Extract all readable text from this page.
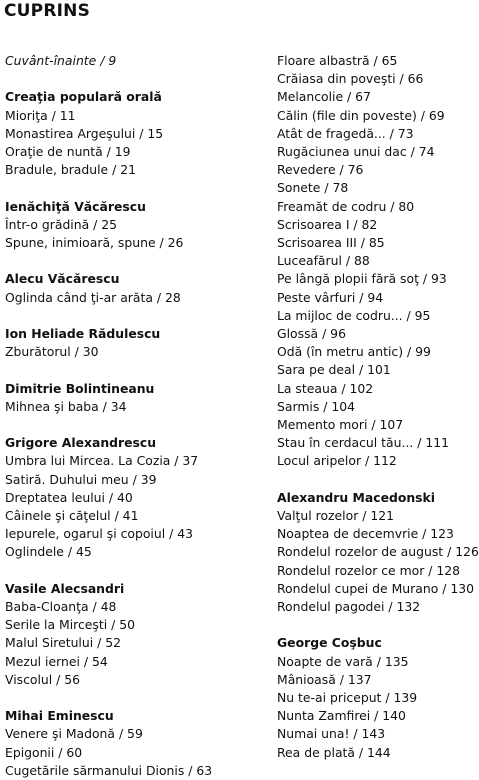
CUPRINS
Cuvânt-înainte / 9
Creaţia populară orală
Mioriţa / 11
Monastirea Argeşului / 15
Oraţie de nuntă / 19
Bradule, bradule / 21
Ienăchiţă Văcărescu
Într-o grădină / 25
Spune, inimioară, spune / 26
Alecu Văcărescu
Oglinda când ţi-ar arăta / 28
Ion Heliade Rădulescu
Zburătorul / 30
Dimitrie Bolintineanu
Mihnea şi baba / 34
Grigore Alexandrescu
Umbra lui Mircea. La Cozia / 37
Satiră. Duhului meu / 39
Dreptatea leului / 40
Câinele şi căţelul / 41
Iepurele, ogarul şi copoiul / 43
Oglindele / 45
Vasile Alecsandri
Baba-Cloanţa / 48
Serile la Mirceşti / 50
Malul Siretului / 52
Mezul iernei / 54
Viscolul / 56
Mihai Eminescu
Venere şi Madonă / 59
Epigonii / 60
Cugetările sărmanului Dionis / 63
Floare albastră / 65
Crăiasa din poveşti / 66
Melancolie / 67
Călin (file din poveste) / 69
Atât de fragedă... / 73
Rugăciunea unui dac / 74
Revedere / 76
Sonete / 78
Freamăt de codru / 80
Scrisoarea I / 82
Scrisoarea III / 85
Luceafărul / 88
Pe lângă plopii fără soţ / 93
Peste vârfuri / 94
La mijloc de codru... / 95
Glossă / 96
Odă (în metru antic) / 99
Sara pe deal / 101
La steaua / 102
Sarmis / 104
Memento mori / 107
Stau în cerdacul tău... / 111
Locul aripelor / 112
Alexandru Macedonski
Valţul rozelor / 121
Noaptea de decemvrie / 123
Rondelul rozelor de august / 126
Rondelul rozelor ce mor / 128
Rondelul cupei de Murano / 130
Rondelul pagodei / 132
George Coşbuc
Noapte de vară / 135
Mânioasă / 137
Nu te-ai priceput / 139
Nunta Zamfirei / 140
Numai una! / 143
Rea de plată / 144
